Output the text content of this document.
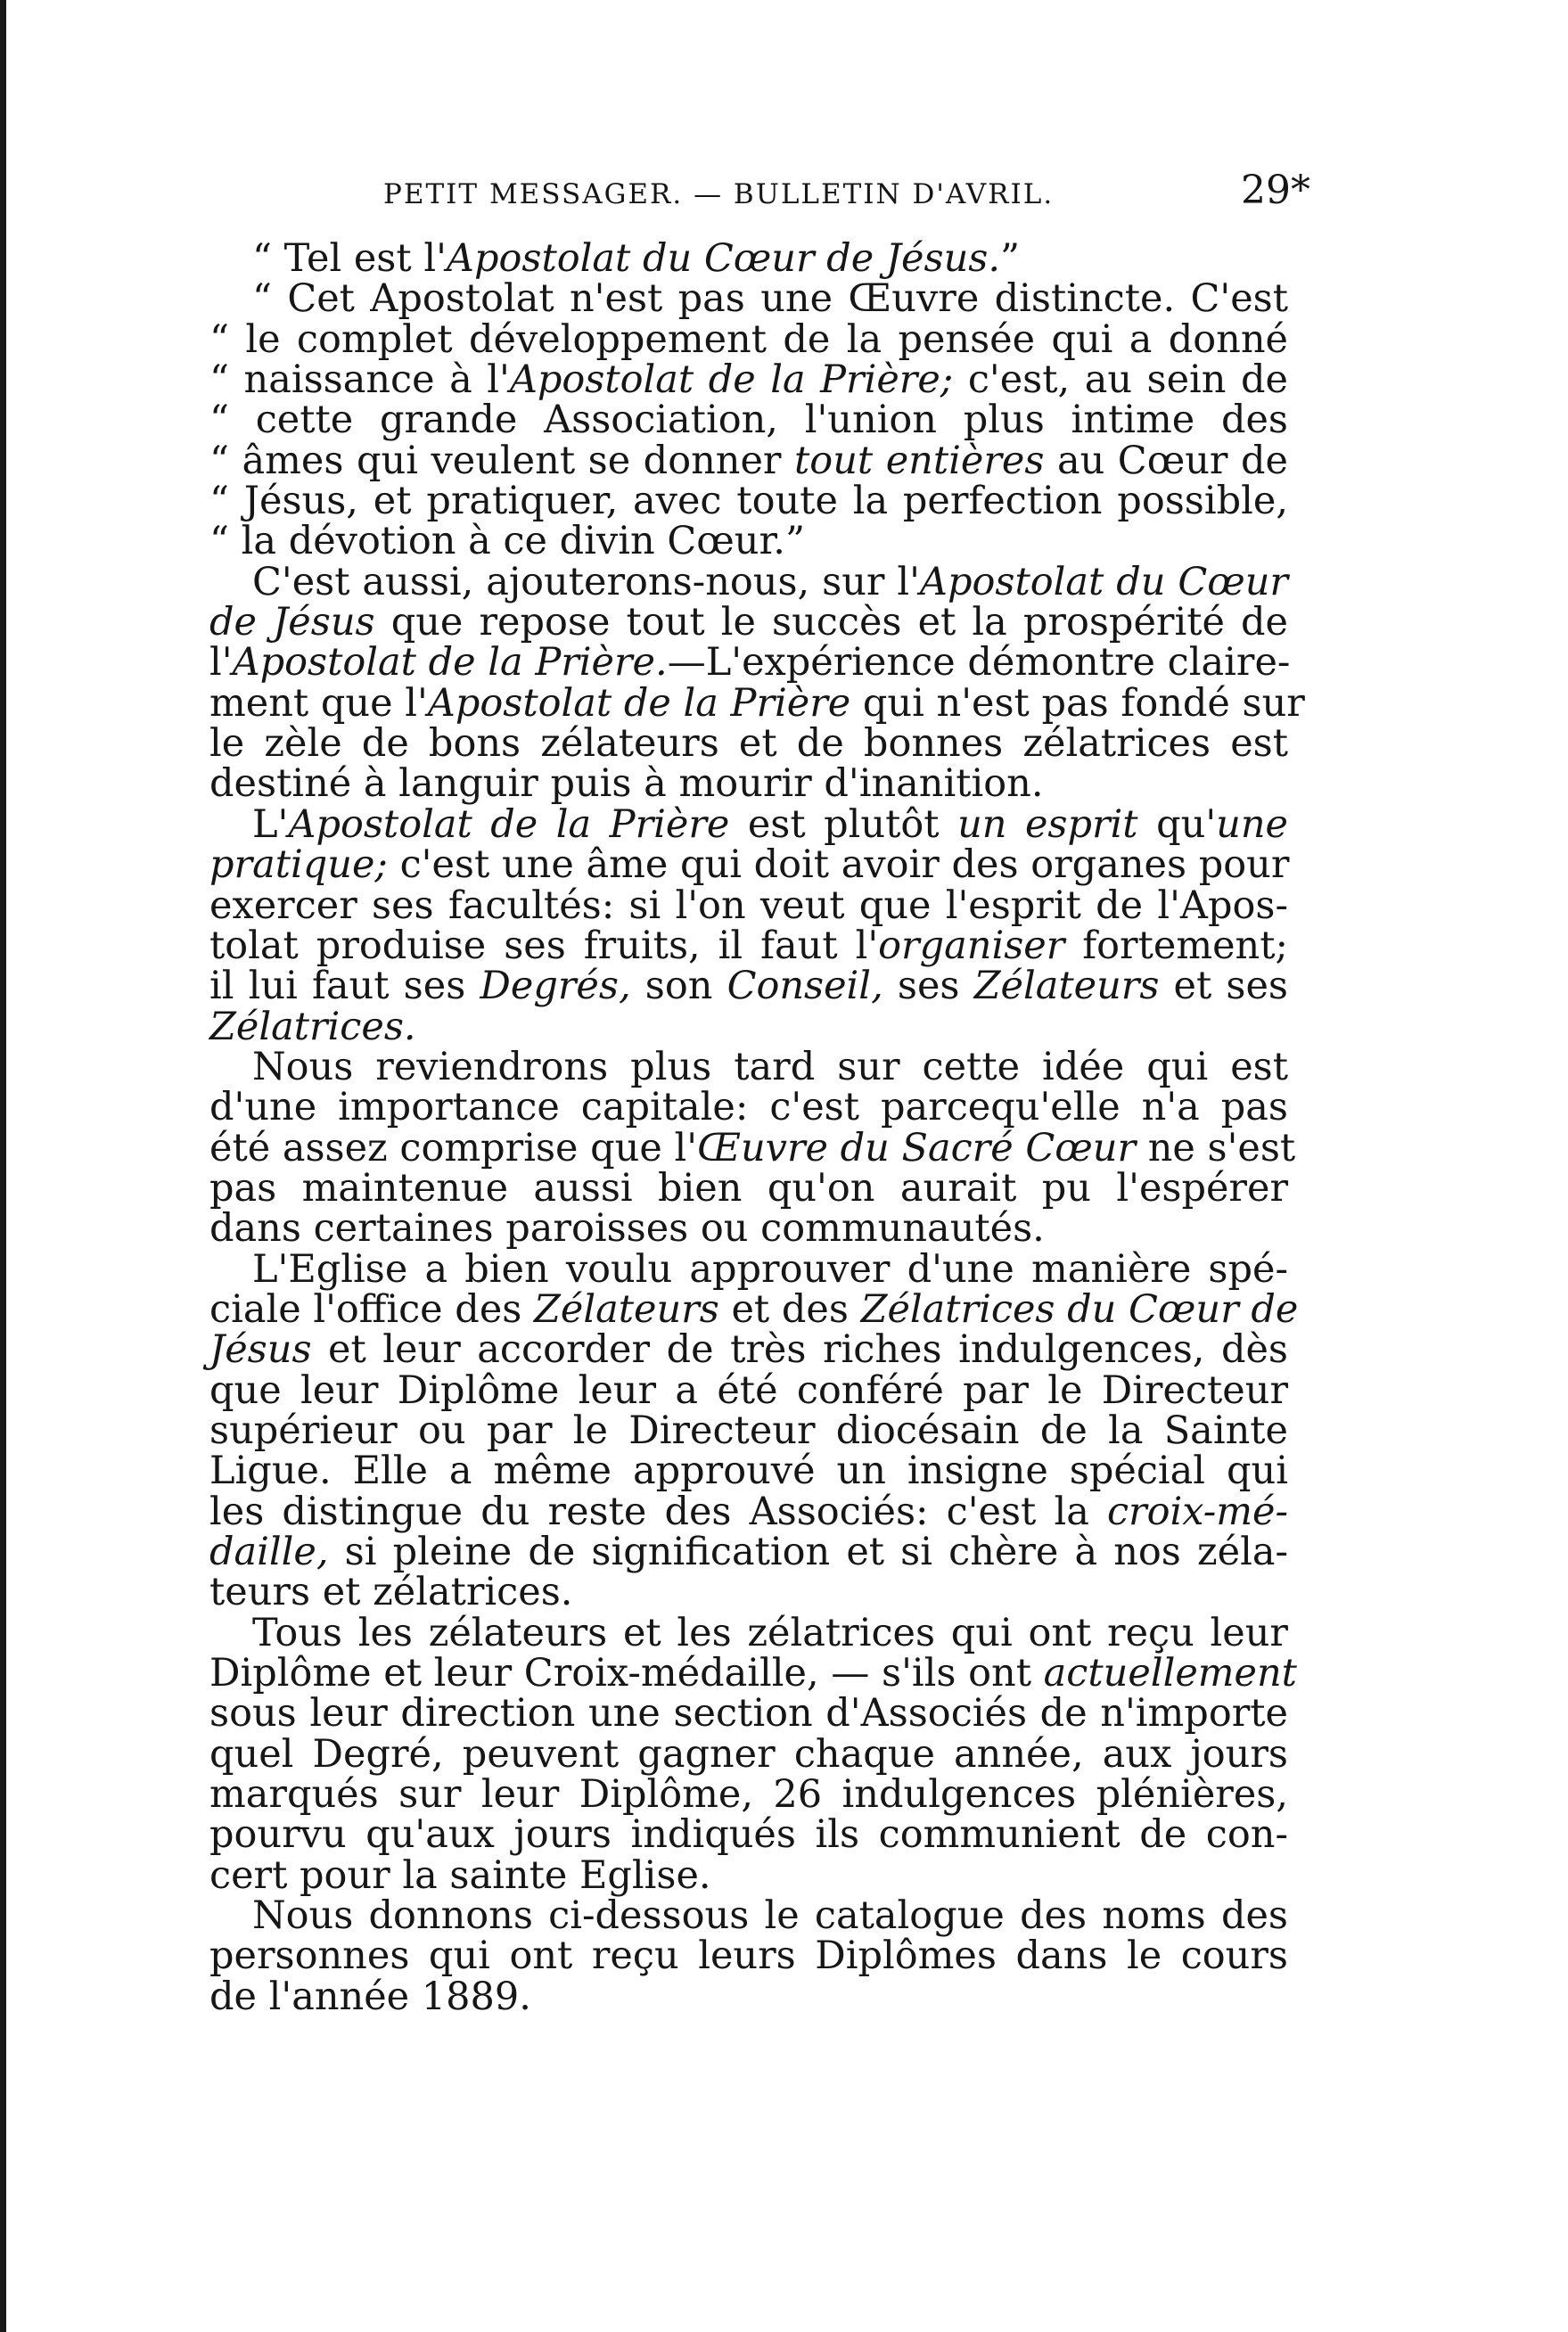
PETIT MESSAGER. — BULLETIN D'AVRIL.	29*
“ Tel est l'Apostolat du Cœur de Jésus.”
“ Cet Apostolat n'est pas une Œuvre distincte. C'est
“ le complet développement de la pensée qui a donné
“ naissance à l'Apostolat de la Prière; c'est, au sein de
“ cette grande Association, l'union plus intime des
“ âmes qui veulent se donner tout entières au Cœur de
“ Jésus, et pratiquer, avec toute la perfection possible,
“ la dévotion à ce divin Cœur.”
C'est aussi, ajouterons-nous, sur l'Apostolat du Cœur
de Jésus que repose tout le succès et la prospérité de
l'Apostolat de la Prière.—L'expérience démontre claire-
ment que l'Apostolat de la Prière qui n'est pas fondé sur
le zèle de bons zélateurs et de bonnes zélatrices est
destiné à languir puis à mourir d'inanition.
L'Apostolat de la Prière est plutôt un esprit qu'une
pratique; c'est une âme qui doit avoir des organes pour
exercer ses facultés: si l'on veut que l'esprit de l'Apos-
tolat produise ses fruits, il faut l'organiser fortement;
il lui faut ses Degrés, son Conseil, ses Zélateurs et ses
Zélatrices.
Nous reviendrons plus tard sur cette idée qui est
d'une importance capitale: c'est parcequ'elle n'a pas
été assez comprise que l'Œuvre du Sacré Cœur ne s'est
pas maintenue aussi bien qu'on aurait pu l'espérer
dans certaines paroisses ou communautés.
L'Eglise a bien voulu approuver d'une manière spé-
ciale l'office des Zélateurs et des Zélatrices du Cœur de
Jésus et leur accorder de très riches indulgences, dès
que leur Diplôme leur a été conféré par le Directeur
supérieur ou par le Directeur diocésain de la Sainte
Ligue. Elle a même approuvé un insigne spécial qui
les distingue du reste des Associés: c'est la croix-mé-
daille, si pleine de signification et si chère à nos zéla-
teurs et zélatrices.
Tous les zélateurs et les zélatrices qui ont reçu leur
Diplôme et leur Croix-médaille, — s'ils ont actuellement
sous leur direction une section d'Associés de n'importe
quel Degré, peuvent gagner chaque année, aux jours
marqués sur leur Diplôme, 26 indulgences plénières,
pourvu qu'aux jours indiqués ils communient de con-
cert pour la sainte Eglise.
Nous donnons ci-dessous le catalogue des noms des
personnes qui ont reçu leurs Diplômes dans le cours
de l'année 1889.
